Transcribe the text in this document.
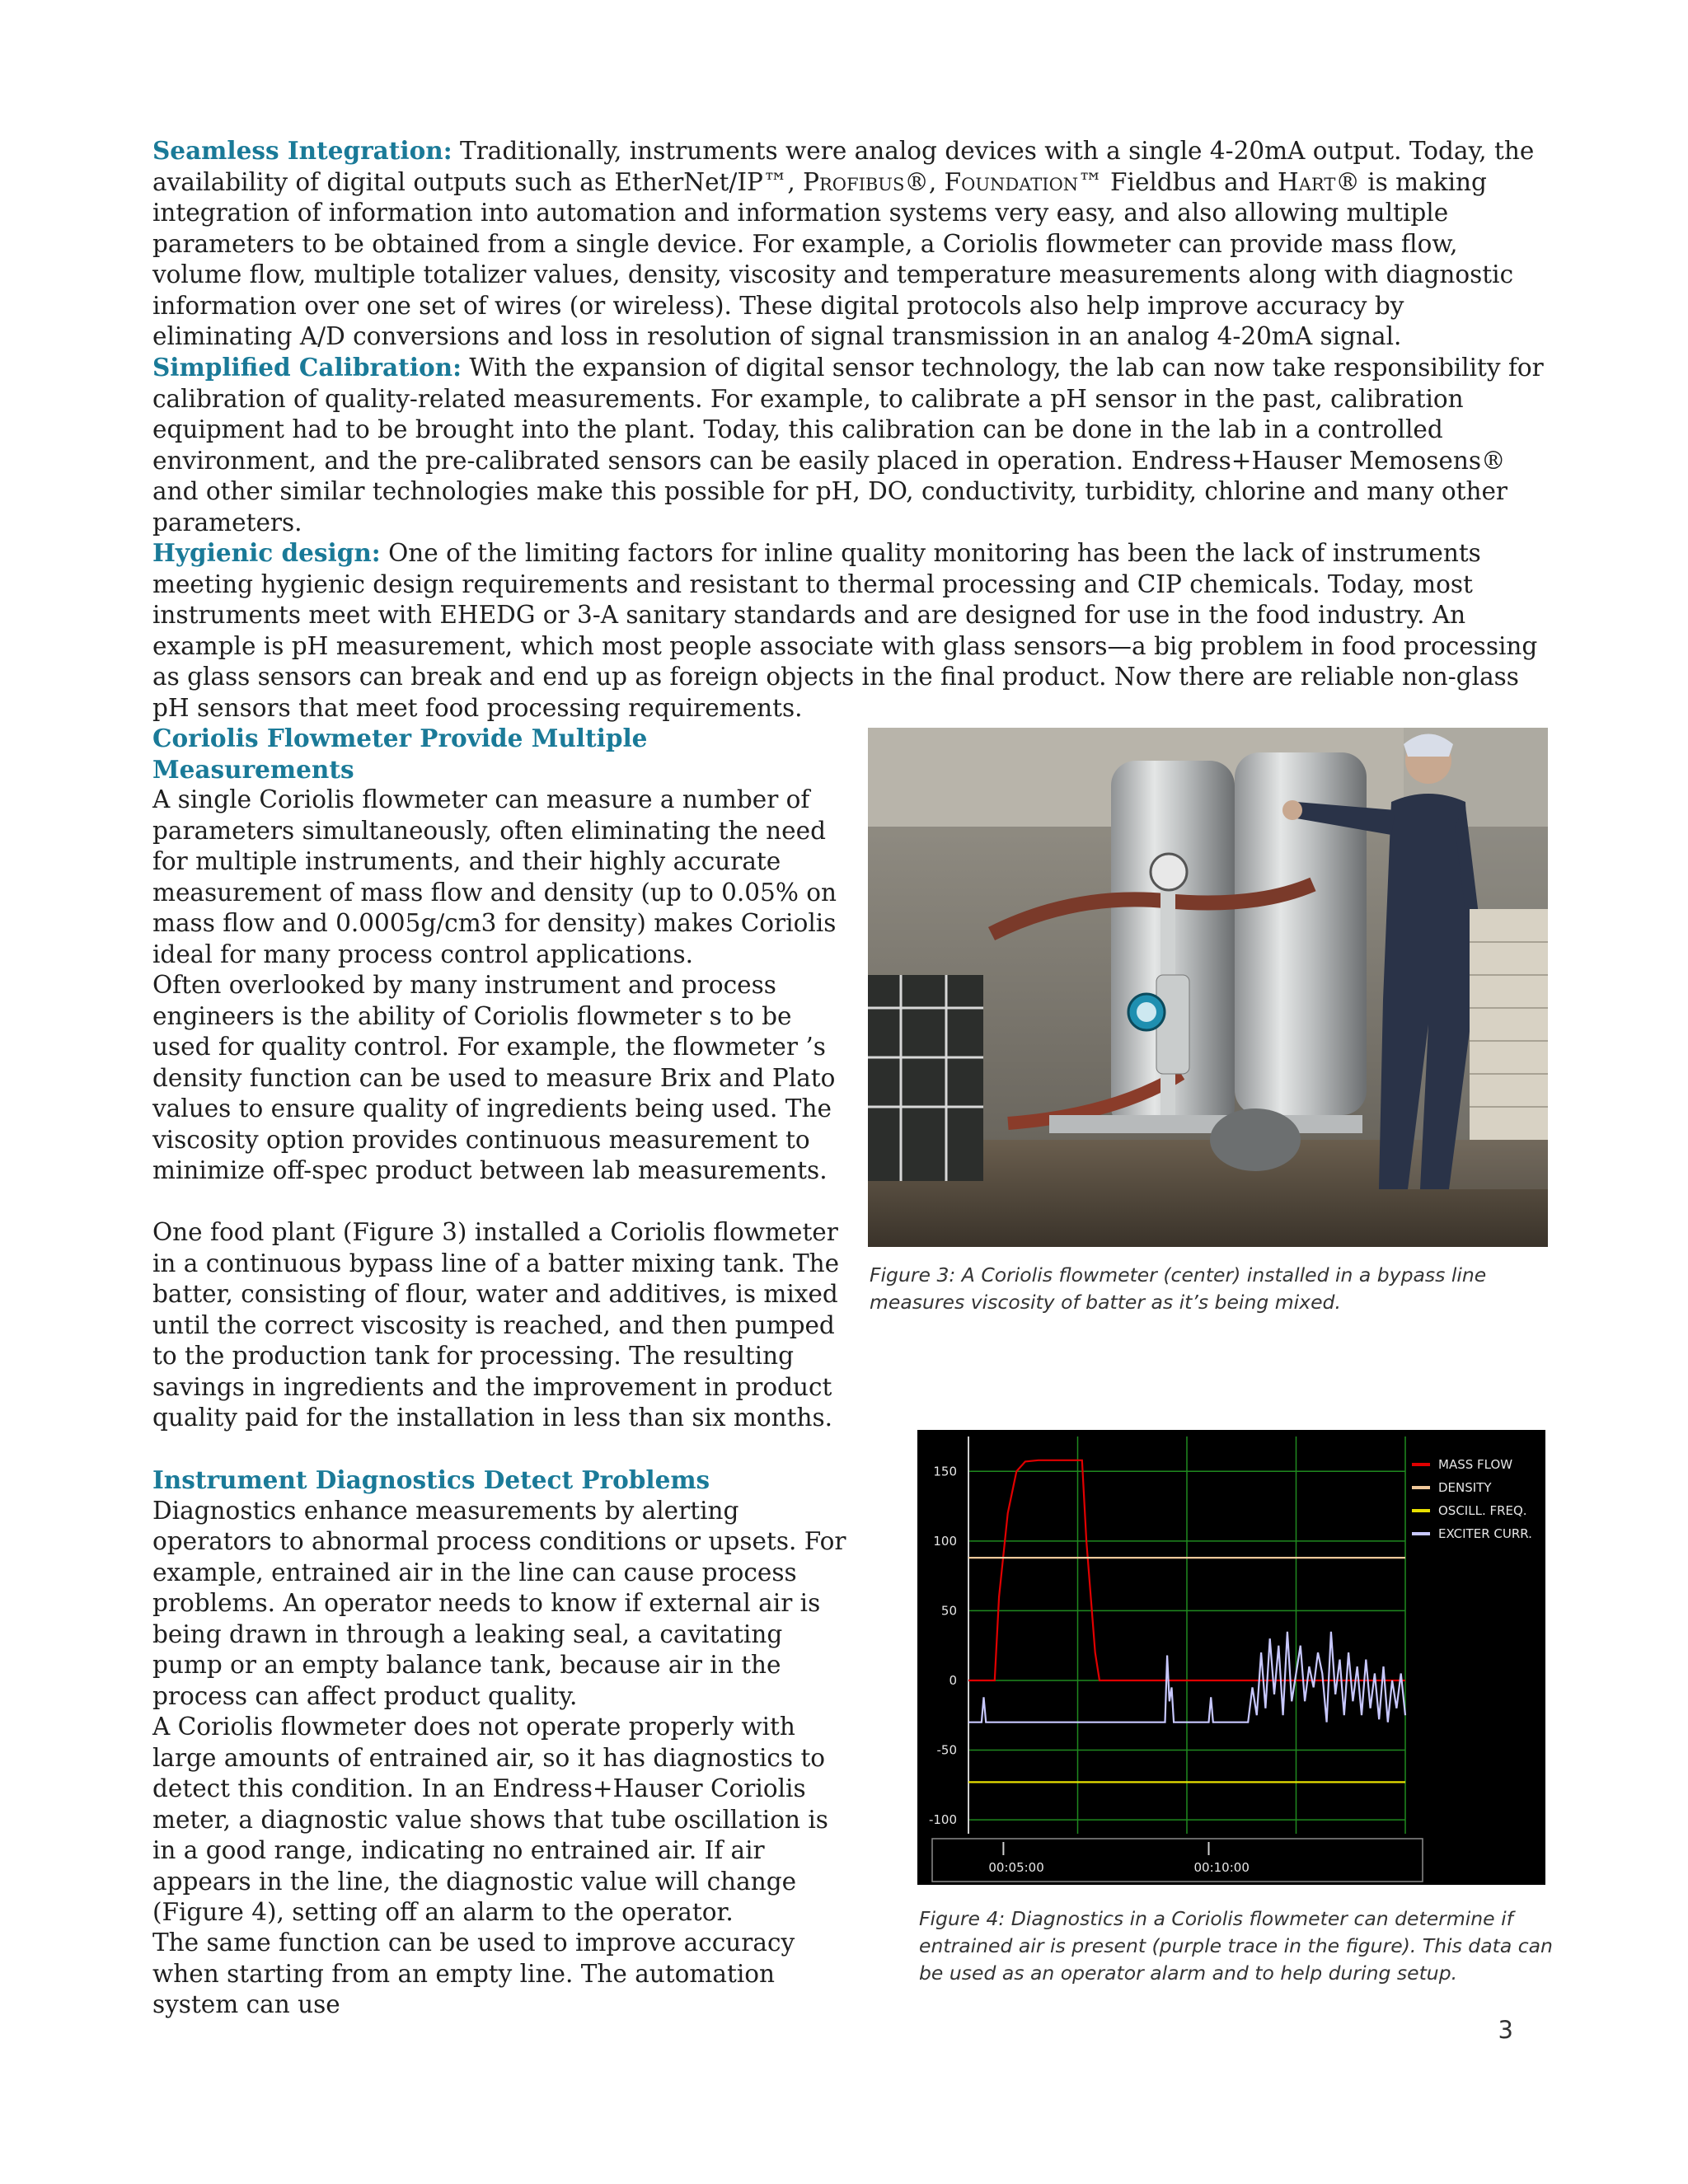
Seamless Integration: Traditionally, instruments were analog devices with a single 4-20mA output. Today, the availability of digital outputs such as EtherNet/IP™, Profibus®, Foundation™ Fieldbus and Hart® is making integration of information into automation and information systems very easy, and also allowing multiple parameters to be obtained from a single device. For example, a Coriolis flowmeter can provide mass flow, volume flow, multiple totalizer values, density, viscosity and temperature measurements along with diagnostic information over one set of wires (or wireless). These digital protocols also help improve accuracy by eliminating A/D conversions and loss in resolution of signal transmission in an analog 4-20mA signal.

Simplified Calibration: With the expansion of digital sensor technology, the lab can now take responsibility for calibration of quality-related measurements. For example, to calibrate a pH sensor in the past, calibration equipment had to be brought into the plant. Today, this calibration can be done in the lab in a controlled environment, and the pre-calibrated sensors can be easily placed in operation. Endress+Hauser Memosens® and other similar technologies make this possible for pH, DO, conductivity, turbidity, chlorine and many other parameters.

Hygienic design: One of the limiting factors for inline quality monitoring has been the lack of instruments meeting hygienic design requirements and resistant to thermal processing and CIP chemicals. Today, most instruments meet with EHEDG or 3-A sanitary standards and are designed for use in the food industry. An example is pH measurement, which most people associate with glass sensors—a big problem in food processing as glass sensors can break and end up as foreign objects in the final product. Now there are reliable non-glass pH sensors that meet food processing requirements.

Coriolis Flowmeter Provide Multiple Measurements
A single Coriolis flowmeter can measure a number of parameters simultaneously, often eliminating the need for multiple instruments, and their highly accurate measurement of mass flow and density (up to 0.05% on mass flow and 0.0005g/cm3 for density) makes Coriolis ideal for many process control applications.

Often overlooked by many instrument and process engineers is the ability of Coriolis flowmeter s to be used for quality control. For example, the flowmeter ’s density function can be used to measure Brix and Plato values to ensure quality of ingredients being used. The viscosity option provides continuous measurement to minimize off-spec product between lab measurements.

One food plant (Figure 3) installed a Coriolis flowmeter in a continuous bypass line of a batter mixing tank. The batter, consisting of flour, water and additives, is mixed until the correct viscosity is reached, and then pumped to the production tank for processing. The resulting savings in ingredients and the improvement in product quality paid for the installation in less than six months.

Instrument Diagnostics Detect Problems
Diagnostics enhance measurements by alerting operators to abnormal process conditions or upsets. For example, entrained air in the line can cause process problems. An operator needs to know if external air is being drawn in through a leaking seal, a cavitating pump or an empty balance tank, because air in the process can affect product quality.

A Coriolis flowmeter does not operate properly with large amounts of entrained air, so it has diagnostics to detect this condition. In an Endress+Hauser Coriolis meter, a diagnostic value shows that tube oscillation is in a good range, indicating no entrained air. If air appears in the line, the diagnostic value will change (Figure 4), setting off an alarm to the operator.

The same function can be used to improve accuracy when starting from an empty line. The automation system can use

Figure 3: A Coriolis flowmeter (center) installed in a bypass line measures viscosity of batter as it’s being mixed.

150
100
50
0
-50
-100
00:05:00	00:10:00
MASS FLOW
DENSITY
OSCILL. FREQ.
EXCITER CURR.

Figure 4: Diagnostics in a Coriolis flowmeter can determine if entrained air is present (purple trace in the figure). This data can be used as an operator alarm and to help during setup.

3
